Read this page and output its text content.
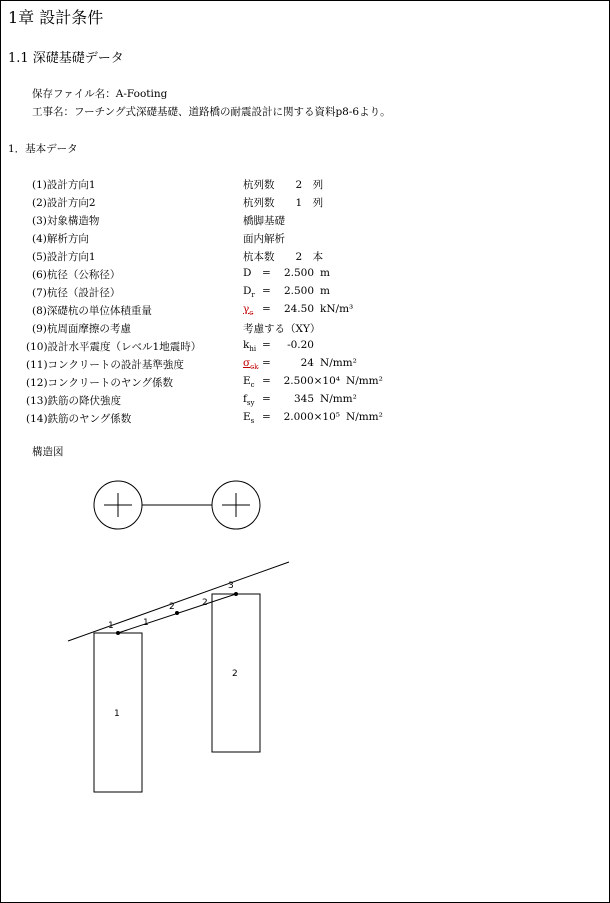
1章 設計条件
1.1 深礎基礎データ
保存ファイル名：A-Footing
工事名：フーチング式深礎基礎、道路橋の耐震設計に関する資料p8-6より。
1．基本データ
(1)設計方向1	杭列数　　2　列
(2)設計方向2	杭列数　　1　列
(3)対象構造物	橋脚基礎
(4)解析方向	面内解析
(5)設計方向1	杭本数　　2　本
(6)杭径（公称径）	D =	2.500 m
(7)杭径（設計径）	$D_r$ =	2.500 m
(8)深礎杭の単位体積重量	$\gamma_c$ =	24.50 kN/m³
(9)杭周面摩擦の考慮	考慮する（XY）
(10)設計水平震度（レベル1地震時）	$k_{hi}$ =	-0.20
(11)コンクリートの設計基準強度	$\sigma_{ck}$ =	24 N/mm²
(12)コンクリートのヤング係数	$E_c = 2.500\times 10^4$ N/mm²
(13)鉄筋の降伏強度	$f_{sy}$ =	345 N/mm²
(14)鉄筋のヤング係数	$E_s = 2.000\times 10^5$ N/mm²
構造図
1
2
1
2
1
2
3
